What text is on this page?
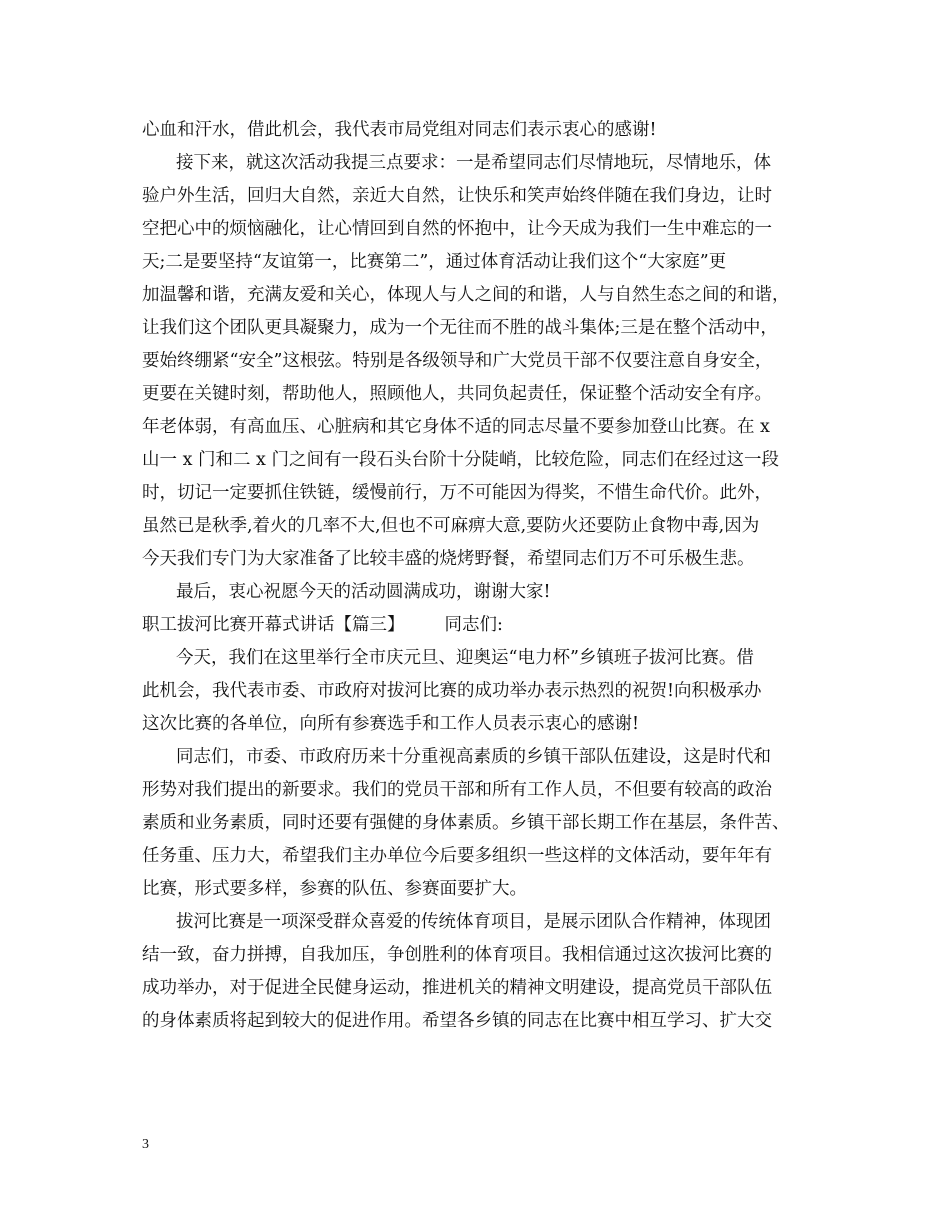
心血和汗水，借此机会，我代表市局党组对同志们表示衷心的感谢!
接下来，就这次活动我提三点要求：一是希望同志们尽情地玩，尽情地乐，体
验户外生活，回归大自然，亲近大自然，让快乐和笑声始终伴随在我们身边，让时
空把心中的烦恼融化，让心情回到自然的怀抱中，让今天成为我们一生中难忘的一
天;二是要坚持“友谊第一，比赛第二”，通过体育活动让我们这个“大家庭”更
加温馨和谐，充满友爱和关心，体现人与人之间的和谐，人与自然生态之间的和谐，
让我们这个团队更具凝聚力，成为一个无往而不胜的战斗集体;三是在整个活动中，
要始终绷紧“安全”这根弦。特别是各级领导和广大党员干部不仅要注意自身安全，
更要在关键时刻，帮助他人，照顾他人，共同负起责任，保证整个活动安全有序。
年老体弱，有高血压、心脏病和其它身体不适的同志尽量不要参加登山比赛。在 x
山一 x 门和二 x 门之间有一段石头台阶十分陡峭，比较危险，同志们在经过这一段
时，切记一定要抓住铁链，缓慢前行，万不可能因为得奖，不惜生命代价。此外，
虽然已是秋季,着火的几率不大,但也不可麻痹大意,要防火还要防止食物中毒,因为
今天我们专门为大家准备了比较丰盛的烧烤野餐，希望同志们万不可乐极生悲。
最后，衷心祝愿今天的活动圆满成功，谢谢大家!
职工拔河比赛开幕式讲话【篇三】 同志们:
今天，我们在这里举行全市庆元旦、迎奥运“电力杯”乡镇班子拔河比赛。借
此机会，我代表市委、市政府对拔河比赛的成功举办表示热烈的祝贺!向积极承办
这次比赛的各单位，向所有参赛选手和工作人员表示衷心的感谢!
同志们，市委、市政府历来十分重视高素质的乡镇干部队伍建设，这是时代和
形势对我们提出的新要求。我们的党员干部和所有工作人员，不但要有较高的政治
素质和业务素质，同时还要有强健的身体素质。乡镇干部长期工作在基层，条件苦、
任务重、压力大，希望我们主办单位今后要多组织一些这样的文体活动，要年年有
比赛，形式要多样，参赛的队伍、参赛面要扩大。
拔河比赛是一项深受群众喜爱的传统体育项目，是展示团队合作精神，体现团
结一致，奋力拼搏，自我加压，争创胜利的体育项目。我相信通过这次拔河比赛的
成功举办，对于促进全民健身运动，推进机关的精神文明建设，提高党员干部队伍
的身体素质将起到较大的促进作用。希望各乡镇的同志在比赛中相互学习、扩大交
3
